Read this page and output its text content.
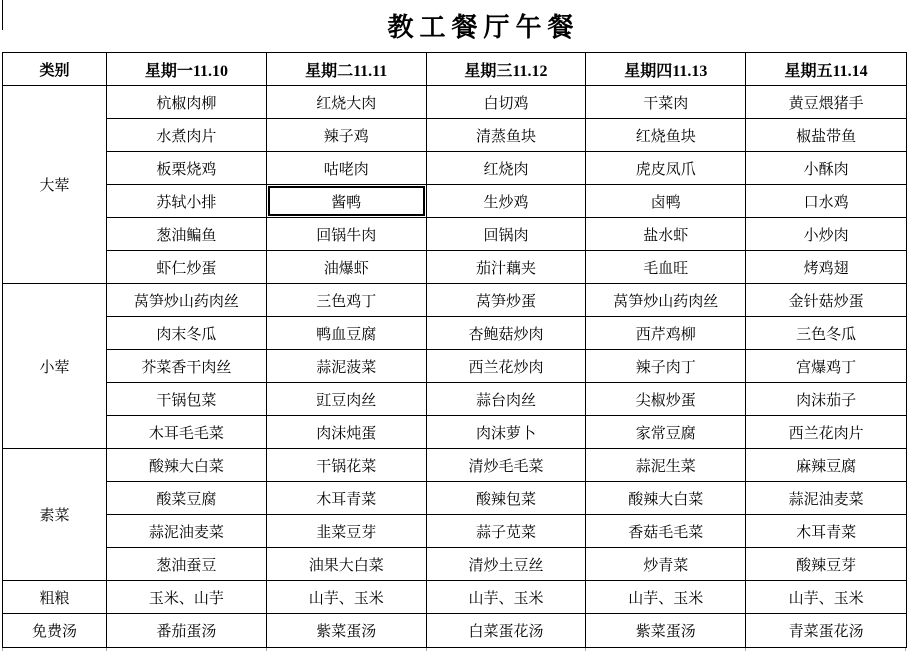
教工餐厅午餐
类别	星期一11.10	星期二11.11	星期三11.12	星期四11.13	星期五11.14
大荤
杭椒肉柳	红烧大肉	白切鸡	干菜肉	黄豆煨猪手
水煮肉片	辣子鸡	清蒸鱼块	红烧鱼块	椒盐带鱼
板栗烧鸡	咕咾肉	红烧肉	虎皮凤爪	小酥肉
苏轼小排	酱鸭	生炒鸡	卤鸭	口水鸡
葱油鳊鱼	回锅牛肉	回锅肉	盐水虾	小炒肉
虾仁炒蛋	油爆虾	茄汁藕夹	毛血旺	烤鸡翅
小荤
莴笋炒山药肉丝	三色鸡丁	莴笋炒蛋	莴笋炒山药肉丝	金针菇炒蛋
肉末冬瓜	鸭血豆腐	杏鲍菇炒肉	西芹鸡柳	三色冬瓜
芥菜香干肉丝	蒜泥菠菜	西兰花炒肉	辣子肉丁	宫爆鸡丁
干锅包菜	豇豆肉丝	蒜台肉丝	尖椒炒蛋	肉沫茄子
木耳毛毛菜	肉沫炖蛋	肉沫萝卜	家常豆腐	西兰花肉片
素菜
酸辣大白菜	干锅花菜	清炒毛毛菜	蒜泥生菜	麻辣豆腐
酸菜豆腐	木耳青菜	酸辣包菜	酸辣大白菜	蒜泥油麦菜
蒜泥油麦菜	韭菜豆芽	蒜子苋菜	香菇毛毛菜	木耳青菜
葱油蚕豆	油果大白菜	清炒土豆丝	炒青菜	酸辣豆芽
粗粮	玉米、山芋	山芋、玉米	山芋、玉米	山芋、玉米	山芋、玉米
免费汤	番茄蛋汤	紫菜蛋汤	白菜蛋花汤	紫菜蛋汤	青菜蛋花汤
